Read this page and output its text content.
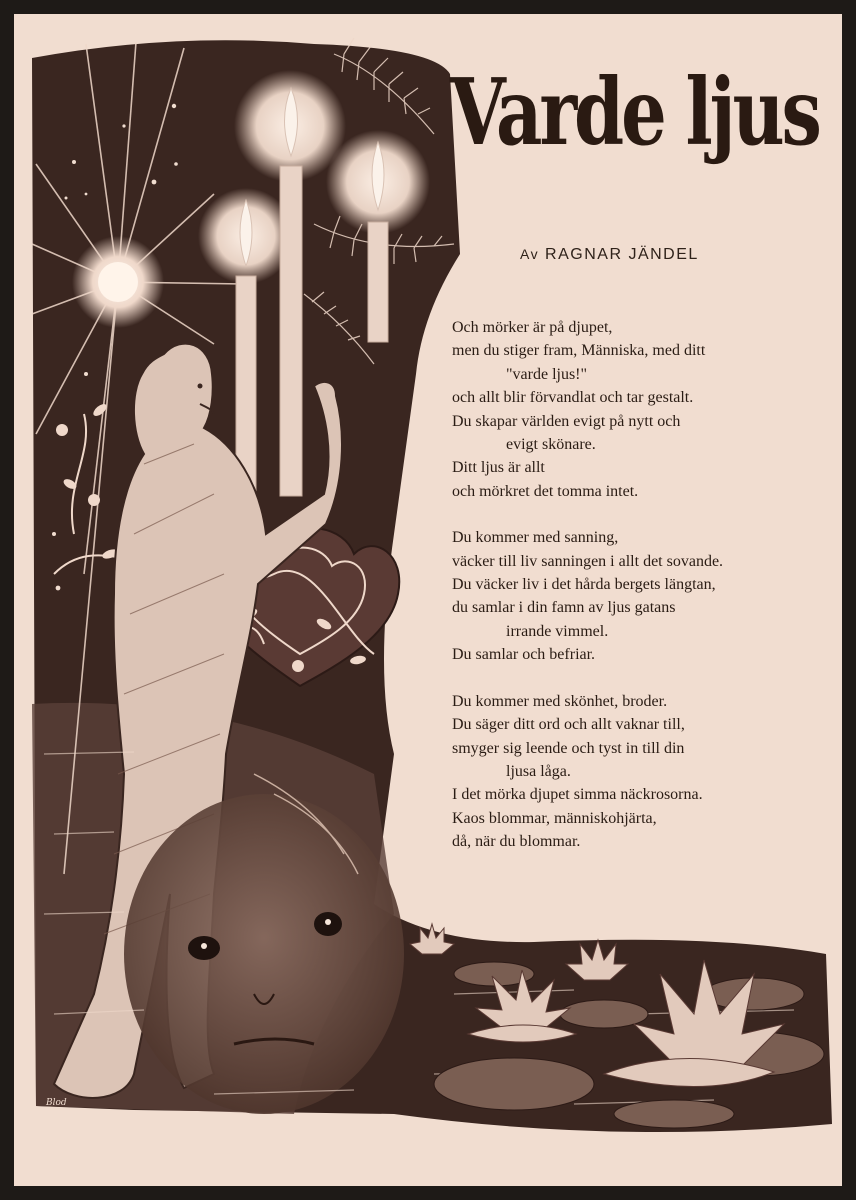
Varde ljus
Av RAGNAR JÄNDEL
Och mörker är på djupet,
men du stiger fram, Människa, med ditt
"varde ljus!"
och allt blir förvandlat och tar gestalt.
Du skapar världen evigt på nytt och
evigt skönare.
Ditt ljus är allt
och mörkret det tomma intet.
Du kommer med sanning,
väcker till liv sanningen i allt det sovande.
Du väcker liv i det hårda bergets längtan,
du samlar i din famn av ljus gatans
irrande vimmel.
Du samlar och befriar.
Du kommer med skönhet, broder.
Du säger ditt ord och allt vaknar till,
smyger sig leende och tyst in till din
ljusa låga.
I det mörka djupet simma näckrosorna.
Kaos blommar, människohjärta,
då, när du blommar.
Blod
